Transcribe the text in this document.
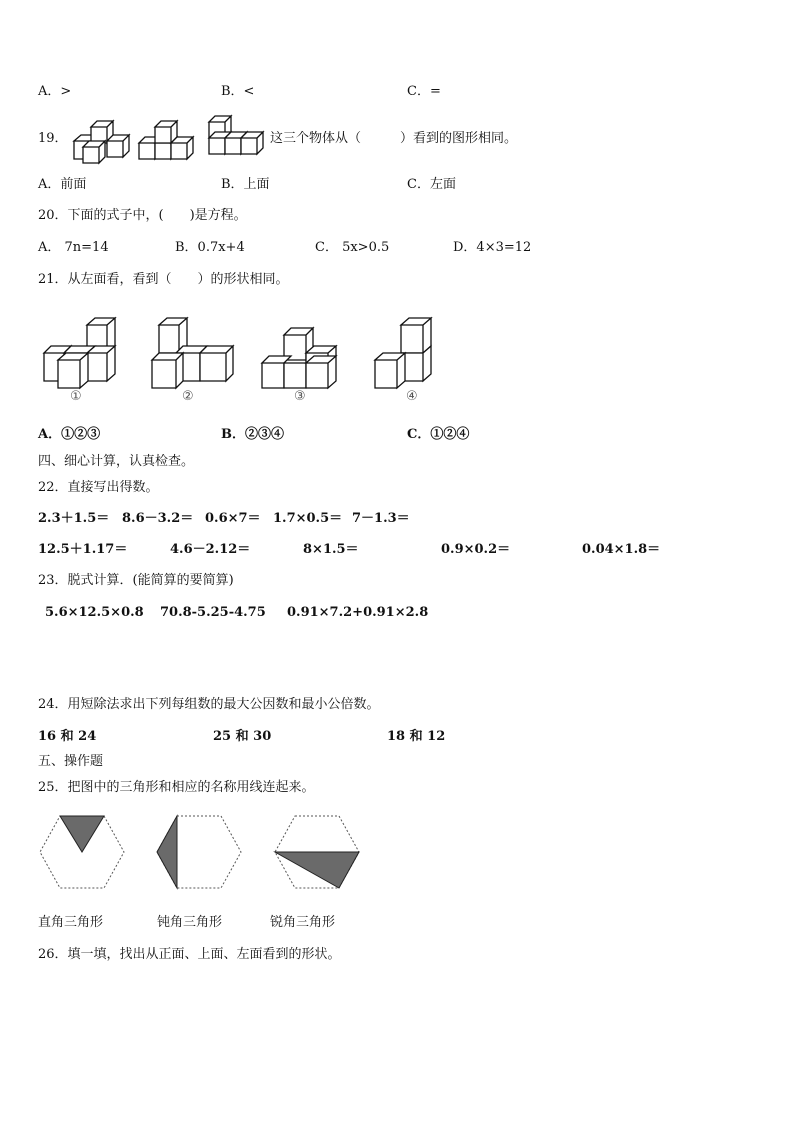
A．>	B．<	C．=
19．	这三个物体从（　　　）看到的图形相同。
A．前面	B．上面	C．左面
20．下面的式子中，(　　)是方程。
A． 7n=14	B．0.7x+4	C． 5x>0.5	D．4×3=12
21．从左面看，看到（　　）的形状相同。
①	②	③	④
A．①②③	B．②③④	C．①②④
四、细心计算，认真检查。
22．直接写出得数。
2.3＋1.5＝ 8.6－3.2＝ 0.6×7＝ 1.7×0.5＝ 7－1.3＝
12.5＋1.17＝	4.6－2.12＝	8×1.5＝	0.9×0.2＝	0.04×1.8＝
23．脱式计算．(能简算的要简算)
5.6×12.5×0.8 70.8-5.25-4.75 0.91×7.2+0.91×2.8
24．用短除法求出下列每组数的最大公因数和最小公倍数。
16 和 24	25 和 30	18 和 12
五、操作题
25．把图中的三角形和相应的名称用线连起来。
直角三角形	钝角三角形	锐角三角形
26．填一填，找出从正面、上面、左面看到的形状。
